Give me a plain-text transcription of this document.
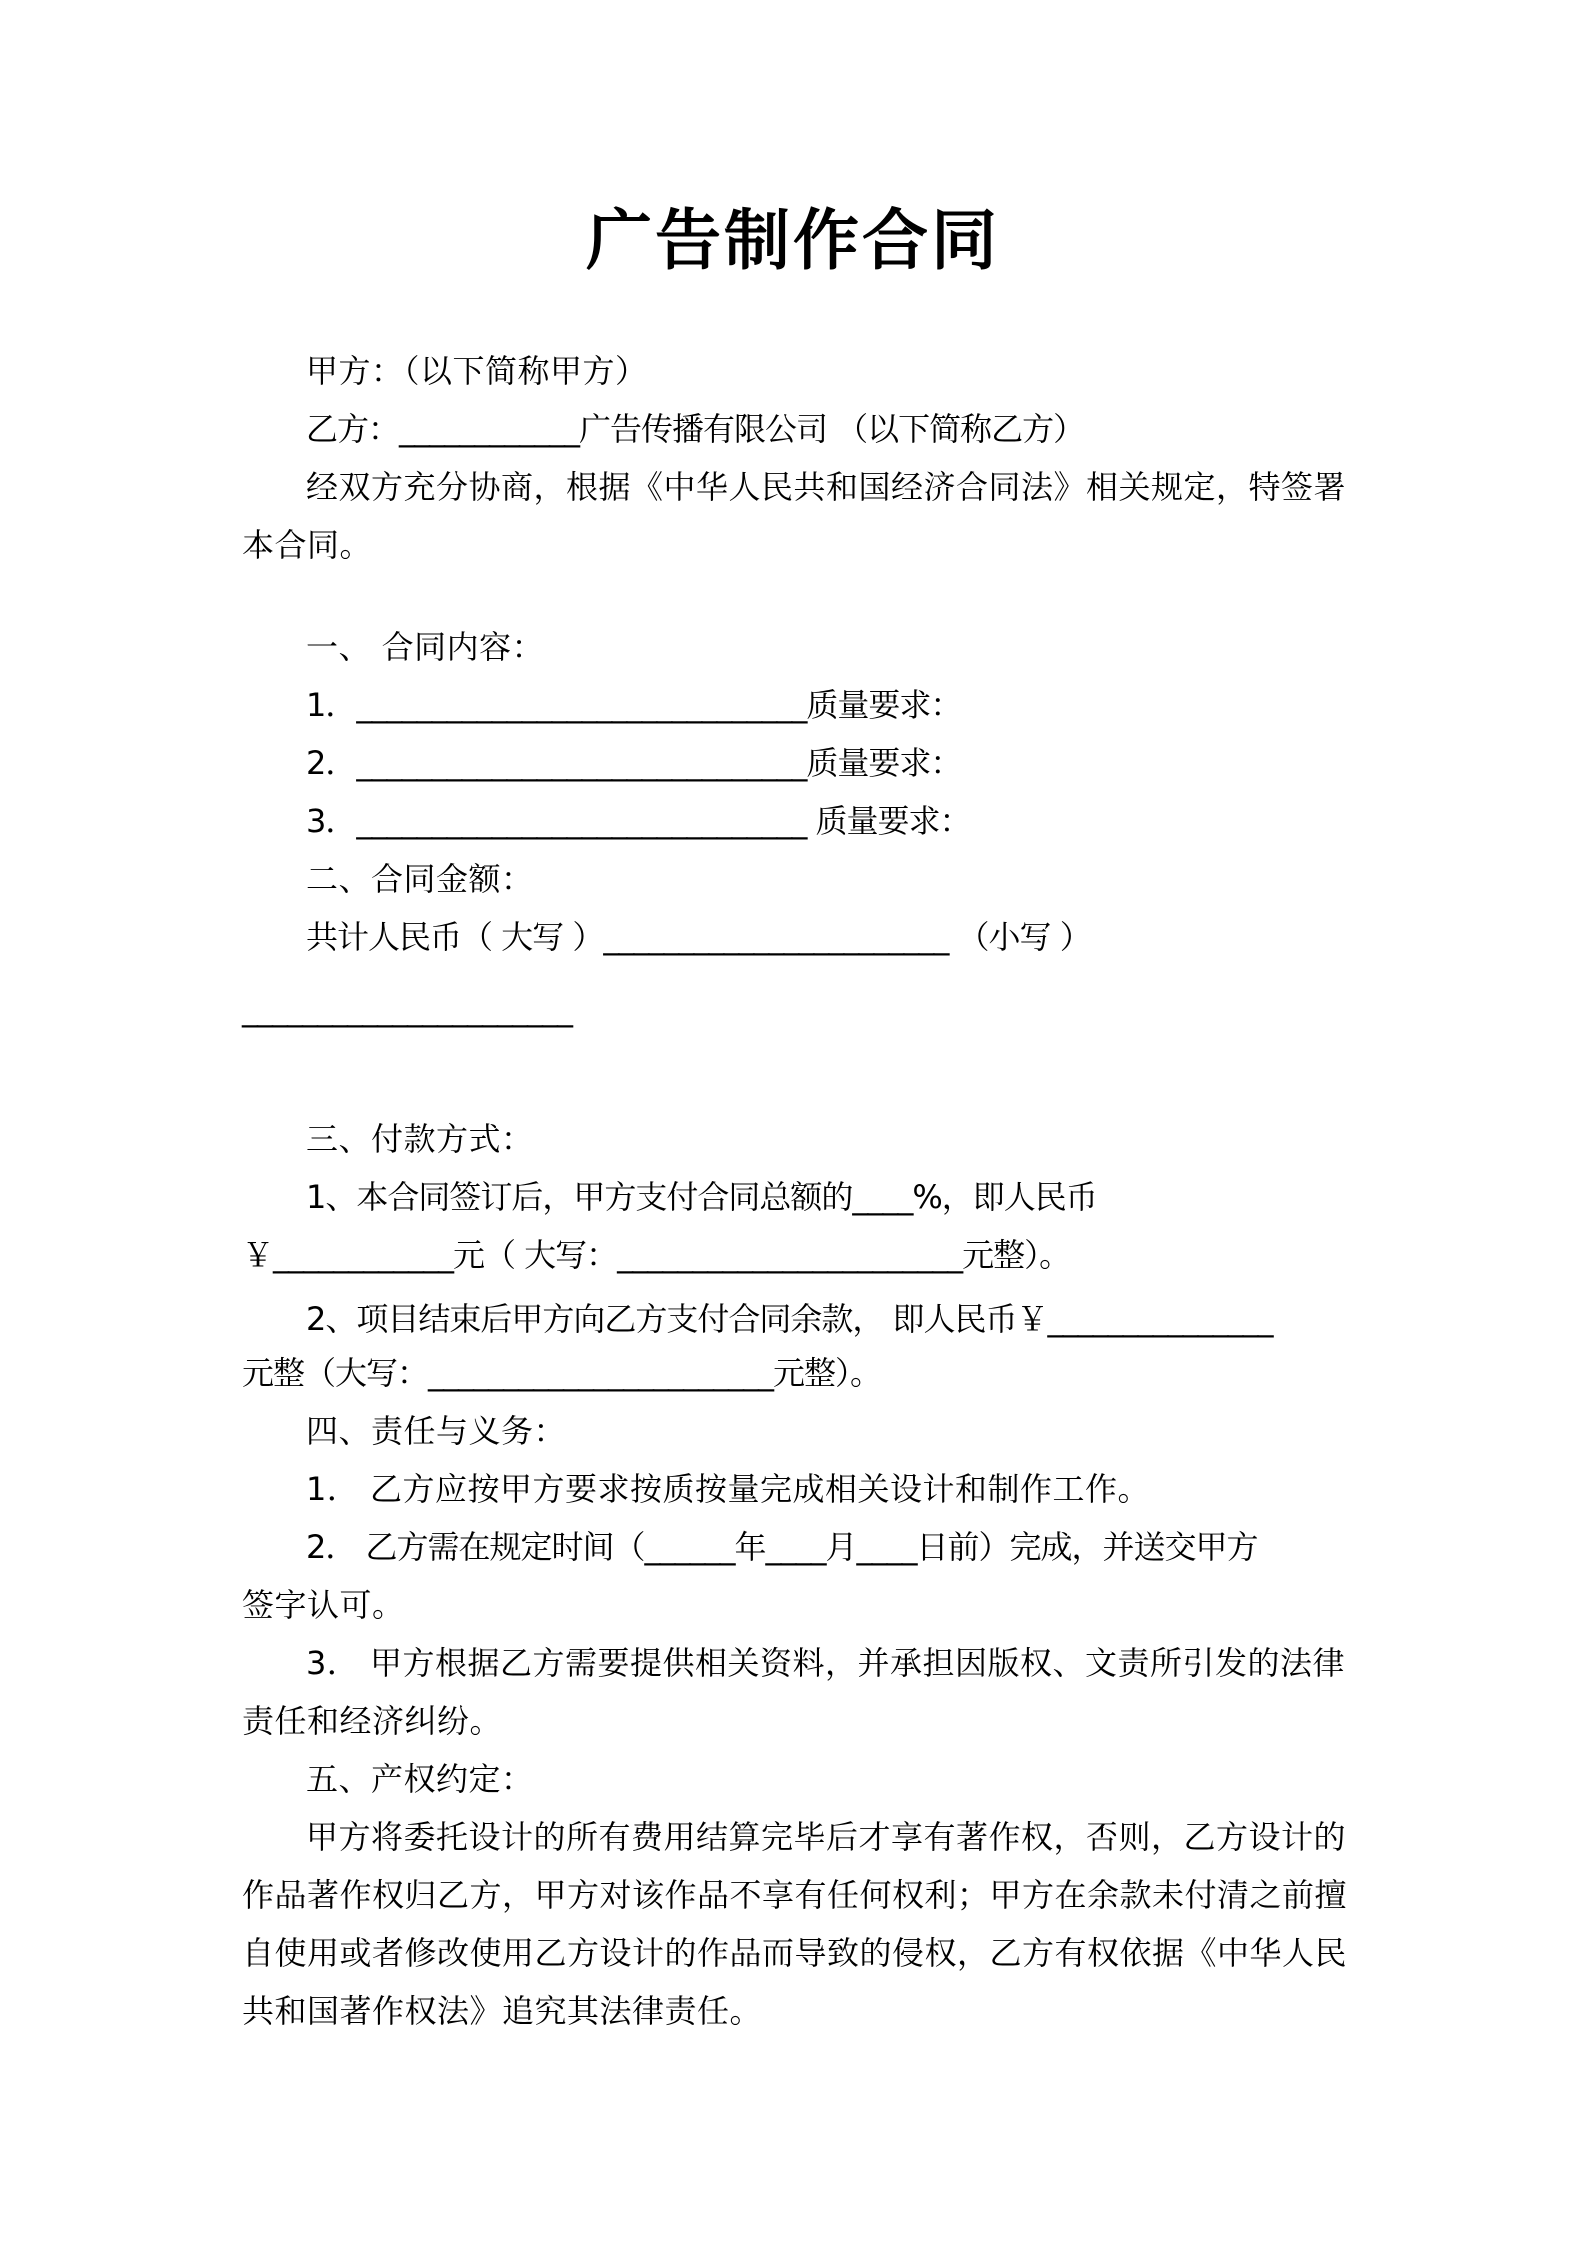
广告制作合同
甲方：（以下简称甲方）
乙方：____________广告传播有限公司 （以下简称乙方）
经双方充分协商，根据《中华人民共和国经济合同法》相关规定，特签署
本合同。
一、 合同内容：
1．______________________________质量要求：
2．______________________________质量要求：
3．______________________________ 质量要求：
二、合同金额：
共计人民币（ 大写 ）_______________________ （小写 ）
______________________
三、付款方式：
1、本合同签订后，甲方支付合同总额的____%，即人民币
￥____________元（ 大写：_______________________元整）。
2、项目结束后甲方向乙方支付合同余款， 即人民币￥_______________
元整（大写：_______________________元整）。
四、责任与义务：
1． 乙方应按甲方要求按质按量完成相关设计和制作工作。
2． 乙方需在规定时间（______年____月____日前）完成，并送交甲方
签字认可。
3． 甲方根据乙方需要提供相关资料，并承担因版权、文责所引发的法律
责任和经济纠纷。
五、产权约定：
甲方将委托设计的所有费用结算完毕后才享有著作权，否则，乙方设计的
作品著作权归乙方，甲方对该作品不享有任何权利；甲方在余款未付清之前擅
自使用或者修改使用乙方设计的作品而导致的侵权，乙方有权依据《中华人民
共和国著作权法》追究其法律责任。
